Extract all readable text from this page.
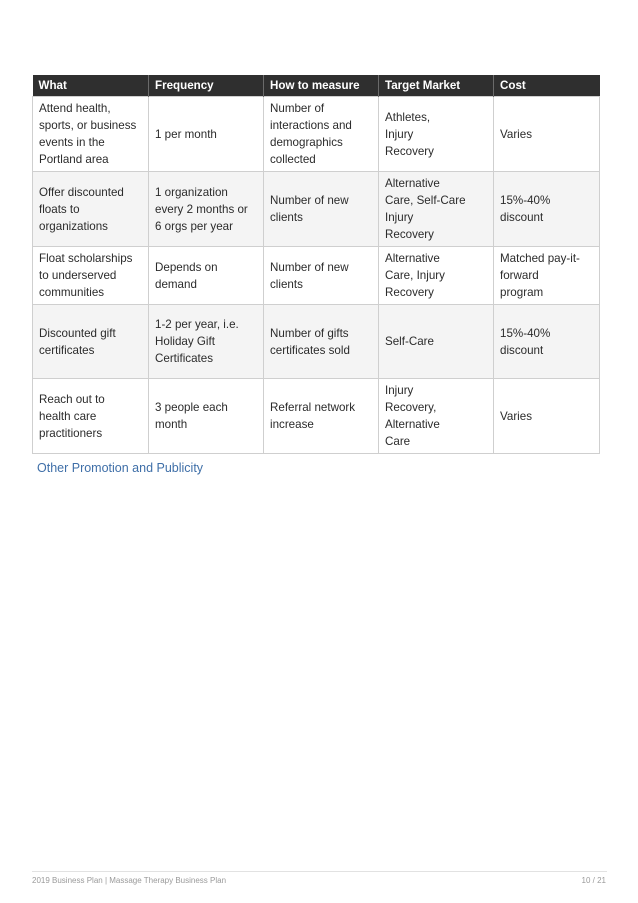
What	Frequency	How to measure	Target Market	Cost
Attend health,
sports, or business
events in the
Portland area	1 per month	Number of
interactions and
demographics
collected	Athletes,
Injury
Recovery	Varies
Offer discounted
floats to
organizations	1 organization
every 2 months or
6 orgs per year	Number of new
clients	Alternative
Care, Self-Care
Injury
Recovery	15%-40%
discount
Float scholarships
to underserved
communities	Depends on
demand	Number of new
clients	Alternative
Care, Injury
Recovery	Matched pay-it-
forward
program
Discounted gift
certificates	1-2 per year, i.e.
Holiday Gift
Certificates	Number of gifts
certificates sold	Self-Care	15%-40%
discount
Reach out to
health care
practitioners	3 people each
month	Referral network
increase	Injury
Recovery,
Alternative
Care	Varies
Other Promotion and Publicity
2019 Business Plan | Massage Therapy Business Plan	10 / 21
